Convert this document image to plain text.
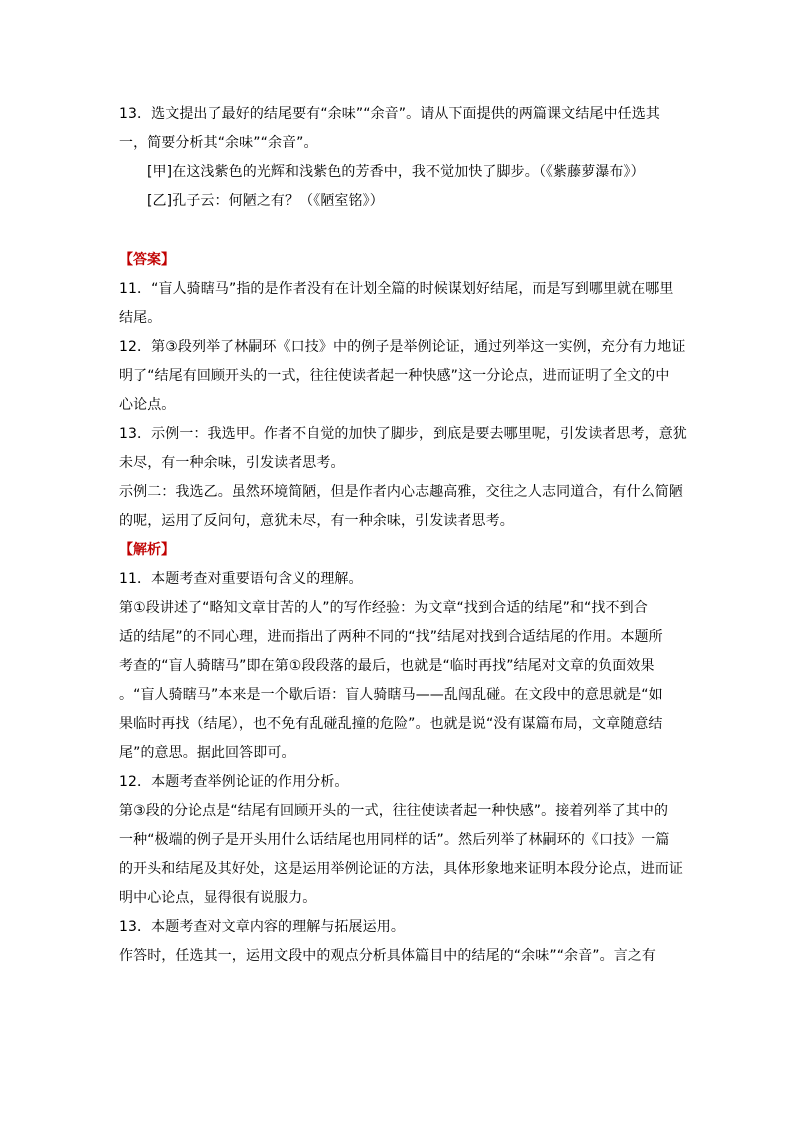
13．选文提出了最好的结尾要有“余味”“余音”。请从下面提供的两篇课文结尾中任选其
一，简要分析其“余味”“余音”。
[甲]在这浅紫色的光辉和浅紫色的芳香中，我不觉加快了脚步。（《紫藤萝瀑布》）
[乙]孔子云：何陋之有？（《陋室铭》）
【答案】
11．“盲人骑瞎马”指的是作者没有在计划全篇的时候谋划好结尾，而是写到哪里就在哪里
结尾。
12．第③段列举了林嗣环《口技》中的例子是举例论证，通过列举这一实例，充分有力地证
明了“结尾有回顾开头的一式，往往使读者起一种快感”这一分论点，进而证明了全文的中
心论点。
13．示例一：我选甲。作者不自觉的加快了脚步，到底是要去哪里呢，引发读者思考，意犹
未尽，有一种余味，引发读者思考。
示例二：我选乙。虽然环境简陋，但是作者内心志趣高雅，交往之人志同道合，有什么简陋
的呢，运用了反问句，意犹未尽，有一种余味，引发读者思考。
【解析】
11．本题考查对重要语句含义的理解。
第①段讲述了“略知文章甘苦的人”的写作经验：为文章“找到合适的结尾”和“找不到合
适的结尾”的不同心理，进而指出了两种不同的“找”结尾对找到合适结尾的作用。本题所
考查的“盲人骑瞎马”即在第①段段落的最后，也就是“临时再找”结尾对文章的负面效果
。“盲人骑瞎马”本来是一个歇后语：盲人骑瞎马——乱闯乱碰。在文段中的意思就是“如
果临时再找（结尾），也不免有乱碰乱撞的危险”。也就是说“没有谋篇布局，文章随意结
尾”的意思。据此回答即可。
12．本题考查举例论证的作用分析。
第③段的分论点是“结尾有回顾开头的一式，往往使读者起一种快感”。接着列举了其中的
一种“极端的例子是开头用什么话结尾也用同样的话”。然后列举了林嗣环的《口技》一篇
的开头和结尾及其好处，这是运用举例论证的方法，具体形象地来证明本段分论点，进而证
明中心论点，显得很有说服力。
13．本题考查对文章内容的理解与拓展运用。
作答时，任选其一，运用文段中的观点分析具体篇目中的结尾的“余味”“余音”。言之有
